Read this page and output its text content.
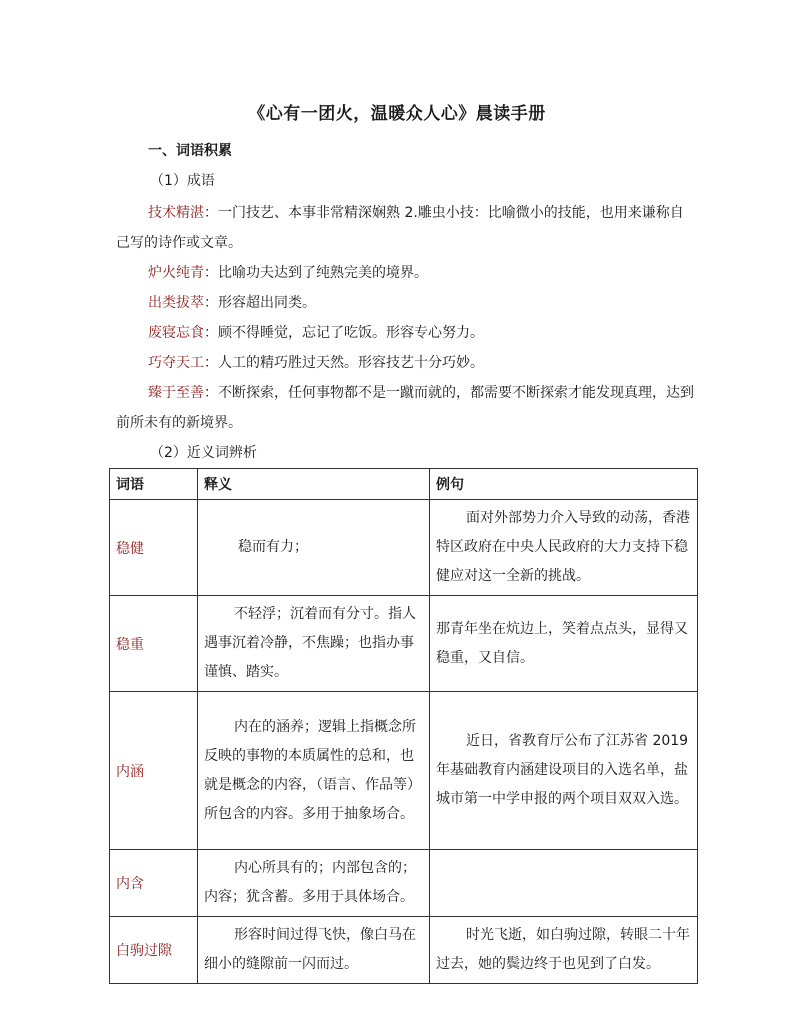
《心有一团火，温暖众人心》晨读手册
一、词语积累
（1）成语
技术精湛：一门技艺、本事非常精深娴熟 2.雕虫小技：比喻微小的技能，也用来谦称自己写的诗作或文章。
炉火纯青：比喻功夫达到了纯熟完美的境界。
出类拔萃：形容超出同类。
废寝忘食：顾不得睡觉，忘记了吃饭。形容专心努力。
巧夺天工：人工的精巧胜过天然。形容技艺十分巧妙。
臻于至善：不断探索，任何事物都不是一蹴而就的，都需要不断探索才能发现真理，达到前所未有的新境界。
（2）近义词辨析
词语	释义	例句
稳健	稳而有力；	面对外部势力介入导致的动荡，香港特区政府在中央人民政府的大力支持下稳健应对这一全新的挑战。
稳重	不轻浮；沉着而有分寸。指人遇事沉着冷静，不焦躁；也指办事谨慎、踏实。	那青年坐在炕边上，笑着点点头，显得又稳重，又自信。
内涵	内在的涵养；逻辑上指概念所反映的事物的本质属性的总和，也就是概念的内容，（语言、作品等）所包含的内容。多用于抽象场合。	近日，省教育厅公布了江苏省 2019 年基础教育内涵建设项目的入选名单，盐城市第一中学申报的两个项目双双入选。
内含	内心所具有的；内部包含的；内容；犹含蓄。多用于具体场合。	
白驹过隙	形容时间过得飞快，像白马在细小的缝隙前一闪而过。	时光飞逝，如白驹过隙，转眼二十年过去，她的鬓边终于也见到了白发。
